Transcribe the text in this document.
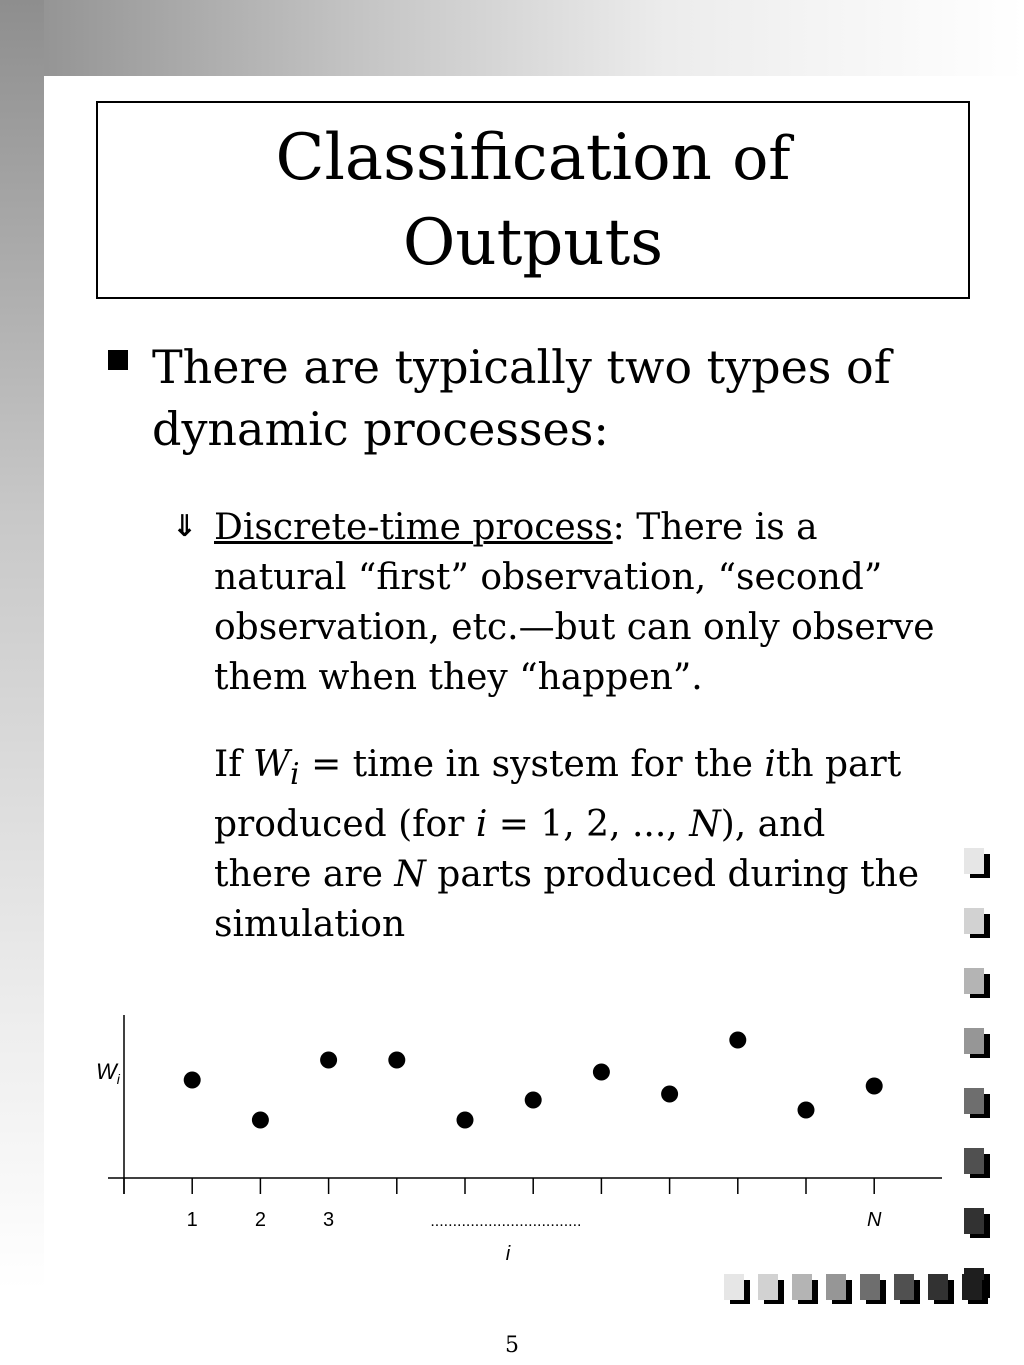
Classification of
Outputs
There are typically two types of dynamic processes:
⇓ Discrete-time process: There is a natural “first” observation, “second” observation, etc.—but can only observe them when they “happen”.
If $W_i$ = time in system for the ith part produced (for i = 1, 2, ..., N), and there are N parts produced during the simulation
$W_i$
1	2	3	..................................	N
i
5
